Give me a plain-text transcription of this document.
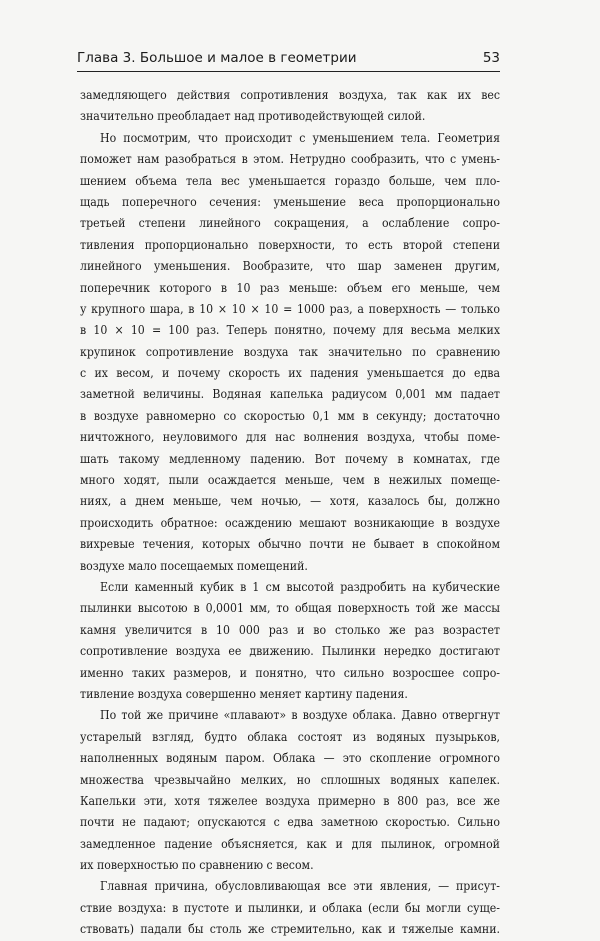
Глава 3. Большое и малое в геометрии	53

замедляющего действия сопротивления воздуха, так как их вес
значительно преобладает над противодействующей силой.

Но посмотрим, что происходит с уменьшением тела. Геометрия
поможет нам разобраться в этом. Нетрудно сообразить, что с умень-
шением объема тела вес уменьшается гораздо больше, чем пло-
щадь поперечного сечения: уменьшение веса пропорционально
третьей степени линейного сокращения, а ослабление сопро-
тивления пропорционально поверхности, то есть второй степени
линейного уменьшения. Вообразите, что шар заменен другим,
поперечник которого в 10 раз меньше: объем его меньше, чем
у крупного шара, в 10 × 10 × 10 = 1000 раз, а поверхность — только
в 10 × 10 = 100 раз. Теперь понятно, почему для весьма мелких
крупинок сопротивление воздуха так значительно по сравнению
с их весом, и почему скорость их падения уменьшается до едва
заметной величины. Водяная капелька радиусом 0,001 мм падает
в воздухе равномерно со скоростью 0,1 мм в секунду; достаточно
ничтожного, неуловимого для нас волнения воздуха, чтобы поме-
шать такому медленному падению. Вот почему в комнатах, где
много ходят, пыли осаждается меньше, чем в нежилых помеще-
ниях, а днем меньше, чем ночью, — хотя, казалось бы, должно
происходить обратное: осаждению мешают возникающие в воздухе
вихревые течения, которых обычно почти не бывает в спокойном
воздухе мало посещаемых помещений.

Если каменный кубик в 1 см высотой раздробить на кубические
пылинки высотою в 0,0001 мм, то общая поверхность той же масcы
камня увеличится в 10 000 раз и во столько же раз возрастет
сопротивление воздуха ее движению. Пылинки нередко достигают
именно таких размеров, и понятно, что сильно возросшее сопро-
тивление воздуха совершенно меняет картину падения.

По той же причине «плавают» в воздухе облака. Давно отвергнут
устарелый взгляд, будто облака состоят из водяных пузырьков,
наполненных водяным паром. Облака — это скопление огромного
множества чрезвычайно мелких, но сплошных водяных капелек.
Капельки эти, хотя тяжелее воздуха примерно в 800 раз, все же
почти не падают; опускаются с едва заметною скоростью. Сильно
замедленное падение объясняется, как и для пылинок, огромной
их поверхностью по сравнению с весом.

Главная причина, обусловливающая все эти явления, — присут-
ствие воздуха: в пустоте и пылинки, и облака (если бы могли суще-
ствовать) падали бы столь же стремительно, как и тяжелые камни.
